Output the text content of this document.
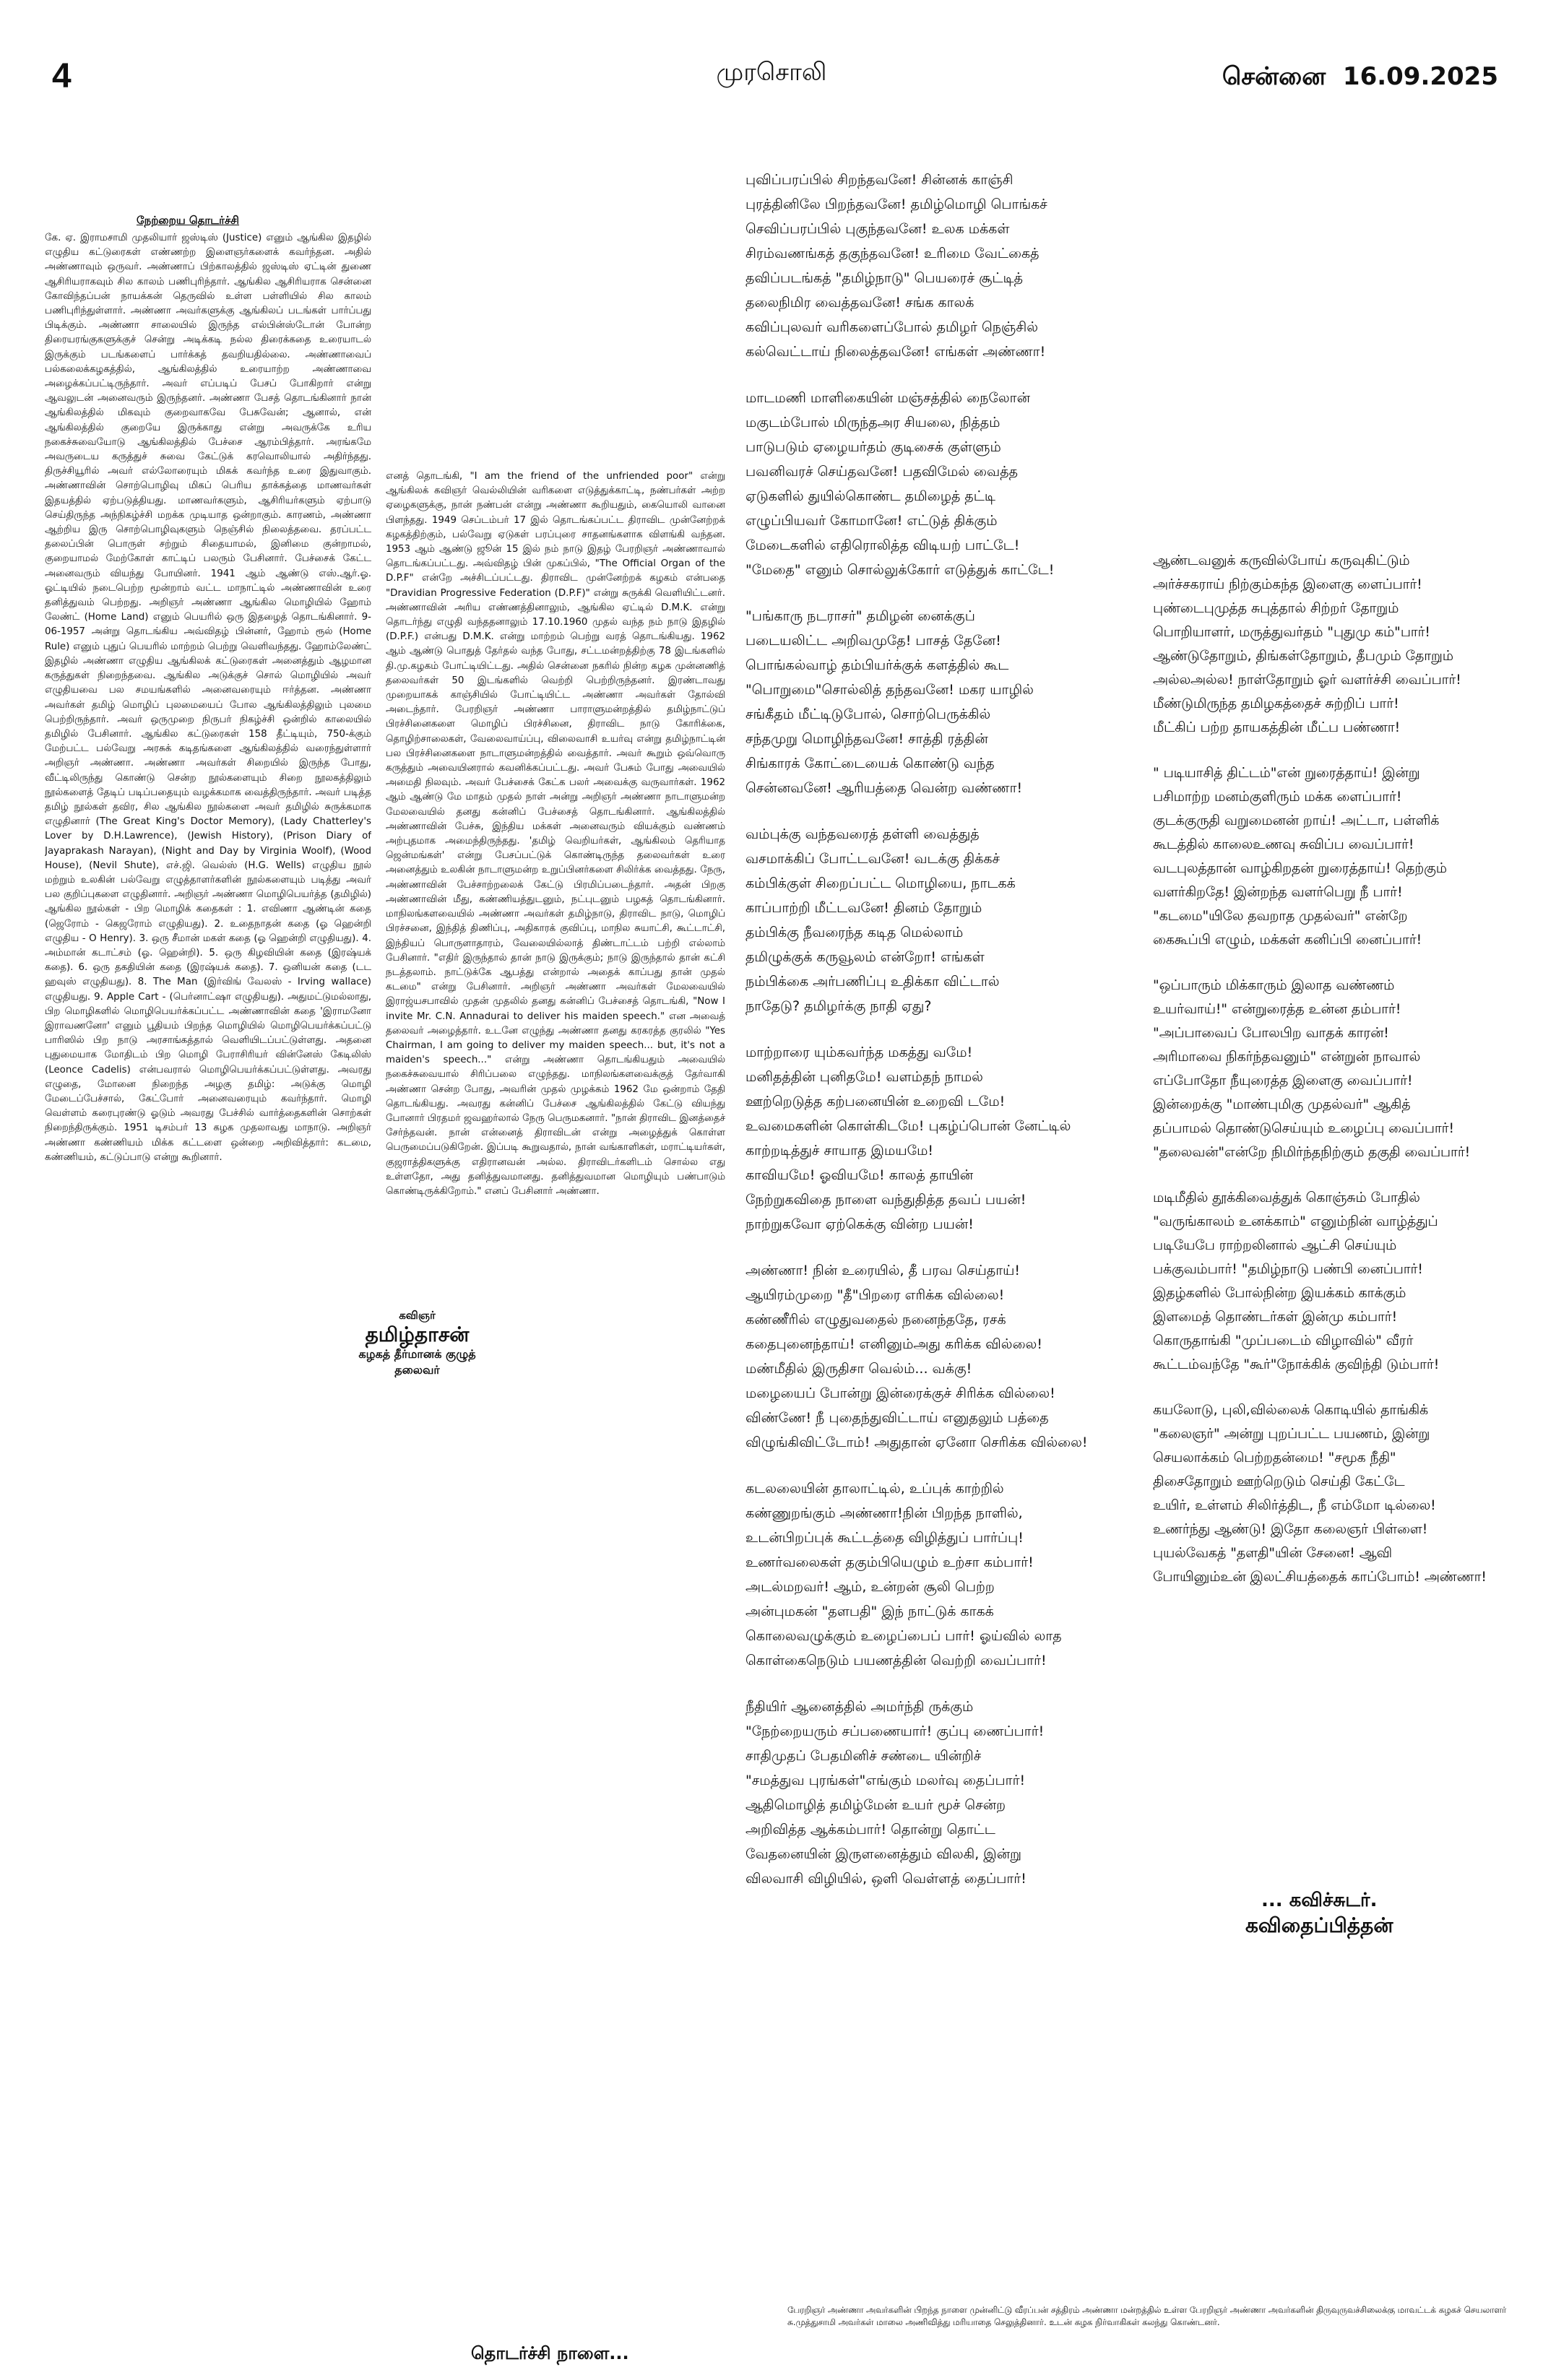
4	முரசொலி	சென்னை 16.09.2025
நேற்றைய தொடர்ச்சி

கே. ஏ. இராமசாமி முதலியார் ஜஸ்டிஸ் (Justice) எனும் ஆங்கில இதழில் எழுதிய கட்டுரைகள் எண்ணற்ற இளைஞர்களைக் கவர்ந்தன. அதில் அண்ணாவும் ஒருவர். அண்ணாப் பிற்காலத்தில் ஜஸ்டிஸ் ஏட்டின் துணை ஆசிரியராகவும் சில காலம் பணிபுரிந்தார். ஆங்கில ஆசிரியராக சென்னை கோவிந்தப்பன் நாயக்கன் தெருவில் உள்ள பள்ளியில் சில காலம் பணிபுரிந்துள்ளார். அண்ணா அவர்களுக்கு ஆங்கிலப் படங்கள் பார்ப்பது பிடிக்கும். அண்ணா சாலையில் இருந்த எல்பின்ஸ்டோன் போன்ற திரையரங்குகளுக்குச் சென்று அடிக்கடி நல்ல திரைக்கதை உரையாடல் இருக்கும் படங்களைப் பார்க்கத் தவறியதில்லை. அண்ணாவைப் பல்கலைக்கழகத்தில், ஆங்கிலத்தில் உரையாற்ற அண்ணாவை அழைக்கப்பட்டிருந்தார். அவர் எப்படிப் பேசப் போகிறார் என்று ஆவலுடன் அனைவரும் இருந்தனர். அண்ணா பேசத் தொடங்கினார் நான் ஆங்கிலத்தில் மிகவும் குறைவாகவே பேசுவேன்; ஆனால், என் ஆங்கிலத்தில் குறையே இருக்காது என்று அவருக்கே உரிய நகைச்சுவையோடு ஆங்கிலத்தில் பேச்சை ஆரம்பித்தார். அரங்கமே அவருடைய கருத்துச் சுவை கேட்டுக் கரவொலியால் அதிர்ந்தது. திருச்சியூரில் அவர் எல்லோரையும் மிகக் கவர்ந்த உரை இதுவாகும். அண்ணாவின் சொற்பொழிவு மிகப் பெரிய தாக்கத்தை மாணவர்கள் இதயத்தில் ஏற்படுத்தியது. மாணவர்களும், ஆசிரியர்களும் ஏற்பாடு செய்திருந்த அந்நிகழ்ச்சி மறக்க முடியாத ஒன்றாகும். காரணம், அண்ணா ஆற்றிய இரு சொற்பொழிவுகளும் நெஞ்சில் நிலைத்தவை. தரப்பட்ட தலைப்பின் பொருள் சற்றும் சிதையாமல், இனிமை குன்றாமல், குறையாமல் மேற்கோள் காட்டிப் பலரும் பேசினார். பேச்சைக் கேட்ட அனைவரும் வியந்து போயினர். 1941 ஆம் ஆண்டு எஸ்.ஆர்.ஓ. ஓட்டியில் நடைபெற்ற மூன்றாம் வட்ட மாநாட்டில் அண்ணாவின் உரை தனித்துவம் பெற்றது. அறிஞர் அண்ணா ஆங்கில மொழியில் ஹோம் லேண்ட் (Home Land) எனும் பெயரில் ஒரு இதழைத் தொடங்கினார். 9-06-1957 அன்று தொடங்கிய அவ்விதழ் பின்னர், ஹோம் ரூல் (Home Rule) எனும் புதுப் பெயரில் மாற்றம் பெற்று வெளிவந்தது. ஹோம்லேண்ட் இதழில் அண்ணா எழுதிய ஆங்கிலக் கட்டுரைகள் அனைத்தும் ஆழமான கருத்துகள் நிறைந்தவை. ஆங்கில அடுக்குச் சொல் மொழியில் அவர் எழுதியவை பல சமயங்களில் அனைவரையும் ஈர்த்தன. அண்ணா அவர்கள் தமிழ் மொழிப் புலமையைப் போல ஆங்கிலத்திலும் புலமை பெற்றிருந்தார். அவர் ஒருமுறை நிருபர் நிகழ்ச்சி ஒன்றில் காலையில் தமிழில் பேசினார். ஆங்கில கட்டுரைகள் 158 தீட்டியும், 750-க்கும் மேற்பட்ட பல்வேறு அரசுக் கடிதங்களை ஆங்கிலத்தில் வரைந்துள்ளார் அறிஞர் அண்ணா. அண்ணா அவர்கள் சிறையில் இருந்த போது, வீட்டிலிருந்து கொண்டு சென்ற நூல்களையும் சிறை நூலகத்திலும் நூல்களைத் தேடிப் படிப்பதையும் வழக்கமாக வைத்திருந்தார். அவர் படித்த தமிழ் நூல்கள் தவிர, சில ஆங்கில நூல்களை அவர் தமிழில் சுருக்கமாக எழுதினார் (The Great King's Doctor Memory), (Lady Chatterley's Lover by D.H.Lawrence), (Jewish History), (Prison Diary of Jayaprakash Narayan), (Night and Day by Virginia Woolf), (Wood House), (Nevil Shute), எச்.ஜி. வெல்ஸ் (H.G. Wells) எழுதிய நூல் மற்றும் உலகின் பல்வேறு எழுத்தாளர்களின் நூல்களையும் படித்து அவர் பல குறிப்புகளை எழுதினார். அறிஞர் அண்ணா மொழிபெயர்த்த (தமிழில்) ஆங்கில நூல்கள் - பிற மொழிக் கதைகள் : 1. எவிணா ஆண்டின் கதை (ஜெரோம் - கெஜரோம் எழுதியது). 2. உதைநாதன் கதை (ஓ ஹென்றி எழுதிய - O Henry). 3. ஒரு சீமான் மகள் கதை (ஓ ஹென்றி எழுதியது). 4. அம்மான் கடாட்சம் (ஓ. ஹென்றி). 5. ஒரு கிழவியின் கதை (இரஷ்யக் கதை). 6. ஒரு தகதியின் கதை (இரஷ்யக் கதை). 7. ஒனியன் கதை (டட ஹவுஸ் எழுதியது). 8. The Man (இர்விங் வேலஸ் - Irving wallace) எழுதியது. 9. Apple Cart - (பெர்னாட்ஷா எழுதியது). அதுமட்டுமல்லாது, பிற மொழிகளில் மொழிபெயர்க்கப்பட்ட அண்ணாவின் கதை 'இராமனோ இராவணனோ' எனும் பூதியம் பிறந்த மொழியில் மொழிபெயர்க்கப்பட்டு பாரிஸில் பிற நாடு அரசாங்கத்தால் வெளியிடப்பட்டுள்ளது. அதனை புதுமையாக மோதிடம் பிற மொழி பேராசிரியர் வின்னேஸ் கேடிலிஸ் (Leonce Cadelis) என்பவரால் மொழிபெயர்க்கப்பட்டுள்ளது. அவரது எழுதை, மோனை நிறைந்த அழகு தமிழ்: அடுக்கு மொழி மேடைப்பேச்சால், கேட்போர் அனைவரையும் கவர்ந்தார். மொழி வெள்ளம் கரைபுரண்டு ஓடும் அவரது பேச்சில் வார்த்தைகளின் சொற்கள் நிறைந்திருக்கும். 1951 டிசம்பர் 13 கழக முதலாவது மாநாடு. அறிஞர் அண்ணா கண்ணியம் மிக்க கட்டளை ஒன்றை அறிவித்தார்: கடமை, கண்ணியம், கட்டுப்பாடு என்று கூறினார்.

எனத் தொடங்கி, "I am the friend of the unfriended poor" என்று ஆங்கிலக் கவிஞர் வெல்லியின் வரிகளை எடுத்துக்காட்டி, நண்பர்கள் அற்ற ஏழைகளுக்கு, நான் நண்பன் என்று அண்ணா கூறியதும், கையொலி வானை பிளந்தது. 1949 செப்டம்பர் 17 இல் தொடங்கப்பட்ட திராவிட முன்னேற்றக் கழகத்திற்கும், பல்வேறு ஏடுகள் பரப்புரை சாதனங்களாக விளங்கி வந்தன. 1953 ஆம் ஆண்டு ஜூன் 15 இல் நம் நாடு இதழ் பேரறிஞர் அண்ணாவால் தொடங்கப்பட்டது. அவ்விதழ் பின் முகப்பில், "The Official Organ of the D.P.F" என்றே அச்சிடப்பட்டது. திராவிட முன்னேற்றக் கழகம் என்பதை "Dravidian Progressive Federation (D.P.F)" என்று சுருக்கி வெளியிட்டனர். அண்ணாவின் அரிய எண்ணத்தினாலும், ஆங்கில ஏட்டில் D.M.K. என்று தொடர்ந்து எழுதி வந்ததனாலும் 17.10.1960 முதல் வந்த நம் நாடு இதழில் (D.P.F.) என்பது D.M.K. என்று மாற்றம் பெற்று வரத் தொடங்கியது. 1962 ஆம் ஆண்டு பொதுத் தேர்தல் வந்த போது, சட்டமன்றத்திற்கு 78 இடங்களில் தி.மு.கழகம் போட்டியிட்டது. அதில் சென்னை நகரில் நின்ற கழக முன்னணித் தலைவர்கள் 50 இடங்களில் வெற்றி பெற்றிருந்தனர். இரண்டாவது முறையாகக் காஞ்சியில் போட்டியிட்ட அண்ணா அவர்கள் தோல்வி அடைந்தார். பேரறிஞர் அண்ணா பாராளுமன்றத்தில் தமிழ்நாட்டுப் பிரச்சினைகளை மொழிப் பிரச்சினை, திராவிட நாடு கோரிக்கை, தொழிற்சாலைகள், வேலைவாய்ப்பு, விலைவாசி உயர்வு என்று தமிழ்நாட்டின் பல பிரச்சினைகளை நாடாளுமன்றத்தில் வைத்தார். அவர் கூறும் ஒவ்வொரு கருத்தும் அவையினரால் கவனிக்கப்பட்டது. அவர் பேசும் போது அவையில் அமைதி நிலவும். அவர் பேச்சைக் கேட்க பலர் அவைக்கு வருவார்கள். 1962 ஆம் ஆண்டு மே மாதம் முதல் நாள் அன்று அறிஞர் அண்ணா நாடாளுமன்ற மேலவையில் தனது கன்னிப் பேச்சைத் தொடங்கினார். ஆங்கிலத்தில் அண்ணாவின் பேச்சு, இந்திய மக்கள் அனைவரும் வியக்கும் வண்ணம் அற்புதமாக அமைந்திருந்தது. 'தமிழ் வெறியர்கள், ஆங்கிலம் தெரியாத ஜென்மங்கள்' என்று பேசப்பட்டுக் கொண்டிருந்த தலைவர்கள் உரை அனைத்தும் உலகின் நாடாளுமன்ற உறுப்பினர்களை சிலிர்க்க வைத்தது. நேரு, அண்ணாவின் பேச்சாற்றலைக் கேட்டு பிரமிப்படைந்தார். அதன் பிறகு அண்ணாவின் மீது, கண்ணியத்துடனும், நட்புடனும் பழகத் தொடங்கினார். மாநிலங்களவையில் அண்ணா அவர்கள் தமிழ்நாடு, திராவிட நாடு, மொழிப் பிரச்சனை, இந்தித் திணிப்பு, அதிகாரக் குவிப்பு, மாநில சுயாட்சி, கூட்டாட்சி, இந்தியப் பொருளாதாரம், வேலையில்லாத் திண்டாட்டம் பற்றி எல்லாம் பேசினார். "எதிர் இருந்தால் தான் நாடு இருக்கும்; நாடு இருந்தால் தான் கட்சி நடத்தலாம். நாட்டுக்கே ஆபத்து என்றால் அதைக் காப்பது தான் முதல் கடமை" என்று பேசினார். அறிஞர் அண்ணா அவர்கள் மேலவையில் இராஜ்யசபாவில் முதன் முதலில் தனது கன்னிப் பேச்சைத் தொடங்கி, "Now I invite Mr. C.N. Annadurai to deliver his maiden speech." என அவைத் தலைவர் அழைத்தார். உடனே எழுந்து அண்ணா தனது கரகரத்த குரலில் "Yes Chairman, I am going to deliver my maiden speech... but, it's not a maiden's speech..." என்று அண்ணா தொடங்கியதும் அவையில் நகைச்சுவையால் சிரிப்பலை எழுந்தது. மாநிலங்களவைக்குத் தேர்வாகி அண்ணா சென்ற போது, அவரின் முதல் முழக்கம் 1962 மே ஒன்றாம் தேதி தொடங்கியது. அவரது கன்னிப் பேச்சை ஆங்கிலத்தில் கேட்டு வியந்து போனார் பிரதமர் ஜவஹர்லால் நேரு பெருமகனார். "நான் திராவிட இனத்தைச் சேர்ந்தவன். நான் என்னைத் திராவிடன் என்று அழைத்துக் கொள்ள பெருமைப்படுகிறேன். இப்படி கூறுவதால், நான் வங்காளிகள், மராட்டியர்கள், குஜராத்திகளுக்கு எதிரானவன் அல்ல. திராவிடர்களிடம் சொல்ல எது உள்ளதோ, அது தனித்துவமானது. தனித்துவமான மொழியும் பண்பாடும் கொண்டிருக்கிறோம்." எனப் பேசினார் அண்ணா.

கவிஞர்
தமிழ்தாசன்
கழகத் தீர்மானக் குழுத் தலைவர்
தொடர்ச்சி நாளை...
புவிப்பரப்பில் சிறந்தவனே! சின்னக் காஞ்சி
புரத்தினிலே பிறந்தவனே! தமிழ்மொழி பொங்கச்
செவிப்பரப்பில் புகுந்தவனே! உலக மக்கள்
சிரம்வணங்கத் தகுந்தவனே! உரிமை வேட்கைத்
தவிப்படங்கத் "தமிழ்நாடு" பெயரைச் சூட்டித்
தலைநிமிர வைத்தவனே! சங்க காலக்
கவிப்புலவர் வரிகளைப்போல் தமிழர் நெஞ்சில்
கல்வெட்டாய் நிலைத்தவனே! எங்கள் அண்ணா!
மாடமணி மாளிகையின் மஞ்சத்தில் நைலோன்
மகுடம்போல் மிருந்தஅர சியலை, நித்தம்
பாடுபடும் ஏழையர்தம் குடிசைக் குள்ளும்
பவனிவரச் செய்தவனே! பதவிமேல் வைத்த
ஏடுகளில் துயில்கொண்ட தமிழைத் தட்டி
எழுப்பியவர் கோமானே! எட்டுத் திக்கும்
மேடைகளில் எதிரொலித்த விடியற் பாட்டே!
"மேதை" எனும் சொல்லுக்கோர் எடுத்துக் காட்டே!
"பங்காரு நடராசர்" தமிழன் னைக்குப்
படையலிட்ட அறிவமுதே! பாசத் தேனே!
பொங்கல்வாழ் தம்பியர்க்குக் களத்தில் கூட
"பொறுமை"சொல்லித் தந்தவனே! மகர யாழில்
சங்கீதம் மீட்டிடுபோல், சொற்பெருக்கில்
சந்தமுறு மொழிந்தவனே! சாத்தி ரத்தின்
சிங்காரக் கோட்டையைக் கொண்டு வந்த
சென்னவனே! ஆரியத்தை வென்ற வண்ணா!
வம்புக்கு வந்தவரைத் தள்ளி வைத்துத்
வசமாக்கிப் போட்டவனே! வடக்கு திக்கச்
கம்பிக்குள் சிறைப்பட்ட மொழியை, நாடகக்
காப்பாற்றி மீட்டவனே! தினம் தோறும்
தம்பிக்கு நீவரைந்த கடித மெல்லாம்
தமிழுக்குக் கருவூலம் என்றோ! எங்கள்
நம்பிக்கை அர்பணிப்பு உதிக்கா விட்டால்
நாதேடு? தமிழர்க்கு நாதி ஏது?
மாற்றாரை யும்கவர்ந்த மகத்து வமே!
மனிதத்தின் புனிதமே! வளம்தந் நாமல்
ஊற்றெடுத்த கற்பனையின் உறைவி டமே!
உவமைகளின் கொள்கிடமே! புகழ்ப்பொன் னேட்டில்
காற்றடித்துச் சாயாத இமயமே!
காவியமே! ஓவியமே! காலத் தாயின்
நேற்றுகவிதை நாளை வந்துதித்த தவப் பயன்!
நாற்றுகவோ ஏற்கெக்கு வின்ற பயன்!
அண்ணா! நின் உரையில், தீ பரவ செய்தாய்!
ஆயிரம்முறை "தீ"பிறரை எரிக்க வில்லை!
கண்ணீரில் எழுதுவதைல் நனைந்ததே, ரசக்
கதைபுனைந்தாய்! எனினும்அது கரிக்க வில்லை!
மண்மீதில் இருதிசா வெல்ம்... வக்கு!
மழையைப் போன்று இன்ரைக்குச் சிரிக்க வில்லை!
விண்ணே! நீ புதைந்துவிட்டாய் எனுதலும் பத்தை
விழுங்கிவிட்டோம்! அதுதான் ஏனோ செரிக்க வில்லை!
கடலலையின் தாலாட்டில், உப்புக் காற்றில்
கண்ணுறங்கும் அண்ணா!நின் பிறந்த நாளில்,
உடன்பிறப்புக் கூட்டத்தை விழித்துப் பார்ப்பு!
உணர்வலைகள் தகும்பியெழும் உற்சா கம்பார்!
அடல்மறவர்! ஆம், உன்றன் சூலி பெற்ற
அன்புமகன் "தளபதி" இந் நாட்டுக் காகக்
கொலைவழுக்கும் உழைப்பைப் பார்! ஓய்வில் லாத
கொள்கைநெடும் பயணத்தின் வெற்றி வைப்பார்!
நீதியிர் ஆனைத்தில் அமர்ந்தி ருக்கும்
"நேற்றையரும் சப்பணையார்! குப்பு ணைப்பார்!
சாதிமுதப் பேதமினிச் சண்டை யின்றிச்
"சமத்துவ புரங்கள்"எங்கும் மலர்வு தைப்பார்!
ஆதிமொழித் தமிழ்மேன் உயர் மூச் சென்ற
அறிவித்த ஆக்கம்பார்! தொன்று தொட்ட
வேதனையின் இருளனைத்தும் விலகி, இன்று
விலவாசி விழியில், ஒளி வெள்ளத் தைப்பார்!
ஆண்டவனுக் கருவில்போய் கருவுகிட்டும்
அர்ச்சகராய் நிற்கும்கந்த இளைகு ளைப்பார்!
புண்டைபுமுத்த சுபுத்தால் சிற்றர் தோறும்
பொறியாளர், மருத்துவர்தம் "புதுமு கம்"பார்!
ஆண்டுதோறும், திங்கள்தோறும், தீபமும் தோறும்
அல்லஅல்ல! நாள்தோறும் ஓர் வளர்ச்சி வைப்பார்!
மீண்டுமிருந்த தமிழகத்தைச் சுற்றிப் பார்!
மீட்கிப் பற்ற தாயகத்தின் மீட்ப பண்ணா!
" படியாசித் திட்டம்"என் றுரைத்தாய்! இன்று
பசிமாற்ற மனம்குளிரும் மக்க ளைப்பார்!
குடக்குருதி வறுமைனன் றாய்! அட்டா, பள்ளிக்
கூடத்தில் காலைஉணவு சுவிப்ப வைப்பார்!
வடபுலத்தான் வாழ்கிறதன் றுரைத்தாய்! தெற்கும்
வளர்கிறதே! இன்றந்த வளர்பெறு நீ பார்!
"கடமை"யிலே தவறாத முதல்வர்" என்றே
கைகூப்பி எழும், மக்கள் கனிப்பி னைப்பார்!
"ஒப்பாரும் மிக்காரும் இலாத வண்ணம்
உயர்வாய்!" என்றுரைத்த உன்ன தம்பார்!
"அப்பாவைப் போலபிற வாதக் காரன்!
அரிமாவை நிகர்ந்தவனும்" என்றுன் நாவால்
எப்போதோ நீயுரைத்த இளைகு வைப்பார்!
இன்றைக்கு "மாண்புமிகு முதல்வர்" ஆகித்
தப்பாமல் தொண்டுசெய்யும் உழைப்பு வைப்பார்!
"தலைவன்"என்றே நிமிர்ந்தநிற்கும் தகுதி வைப்பார்!
மடிமீதில் தூக்கிவைத்துக் கொஞ்சும் போதில்
"வருங்காலம் உனக்காம்" எனும்நின் வாழ்த்துப்
படியேபே ராற்றலினால் ஆட்சி செய்யும்
பக்குவம்பார்! "தமிழ்நாடு பண்பி னைப்பார்!
இதழ்களில் போல்நின்ற இயக்கம் காக்கும்
இளமைத் தொண்டர்கள் இன்மு கம்பார்!
கொருதாங்கி "முப்படைம் விழாவில்" வீரர்
கூட்டம்வந்தே "கூர்"நோக்கிக் குவிந்தி டும்பார்!
கயலோடு, புலி,வில்லைக் கொடியில் தாங்கிக்
"கலைஞர்" அன்று புறப்பட்ட பயணம், இன்று
செயலாக்கம் பெற்றதன்மை! "சமூக நீதி"
திசைதோறும் ஊற்றெடும் செய்தி கேட்டே
உயிர், உள்ளம் சிலிர்த்திட, நீ எம்மோ டில்லை!
உணர்ந்து ஆண்டு! இதோ கலைஞர் பிள்ளை!
புயல்வேகத் "தளதி"யின் சேனை! ஆவி
போயினும்உன் இலட்சியத்தைக் காப்போம்! அண்ணா!
... கவிச்சுடர்.
கவிதைப்பித்தன்
பேரறிஞர் அண்ணா அவர்களின் பிறந்த நாளை முன்னிட்டு வீரப்பன் சத்திரம் அண்ணா மன்றத்தில் உள்ள பேரறிஞர் அண்ணா அவர்களின் திருவுருவச்சிலைக்கு மாவட்டக் கழகச் செயலாளர் சு.முத்துசாமி அவர்கள் மாலை அணிவித்து மரியாதை செலுத்தினார். உடன் கழக நிர்வாகிகள் கலந்து கொண்டனர்.
